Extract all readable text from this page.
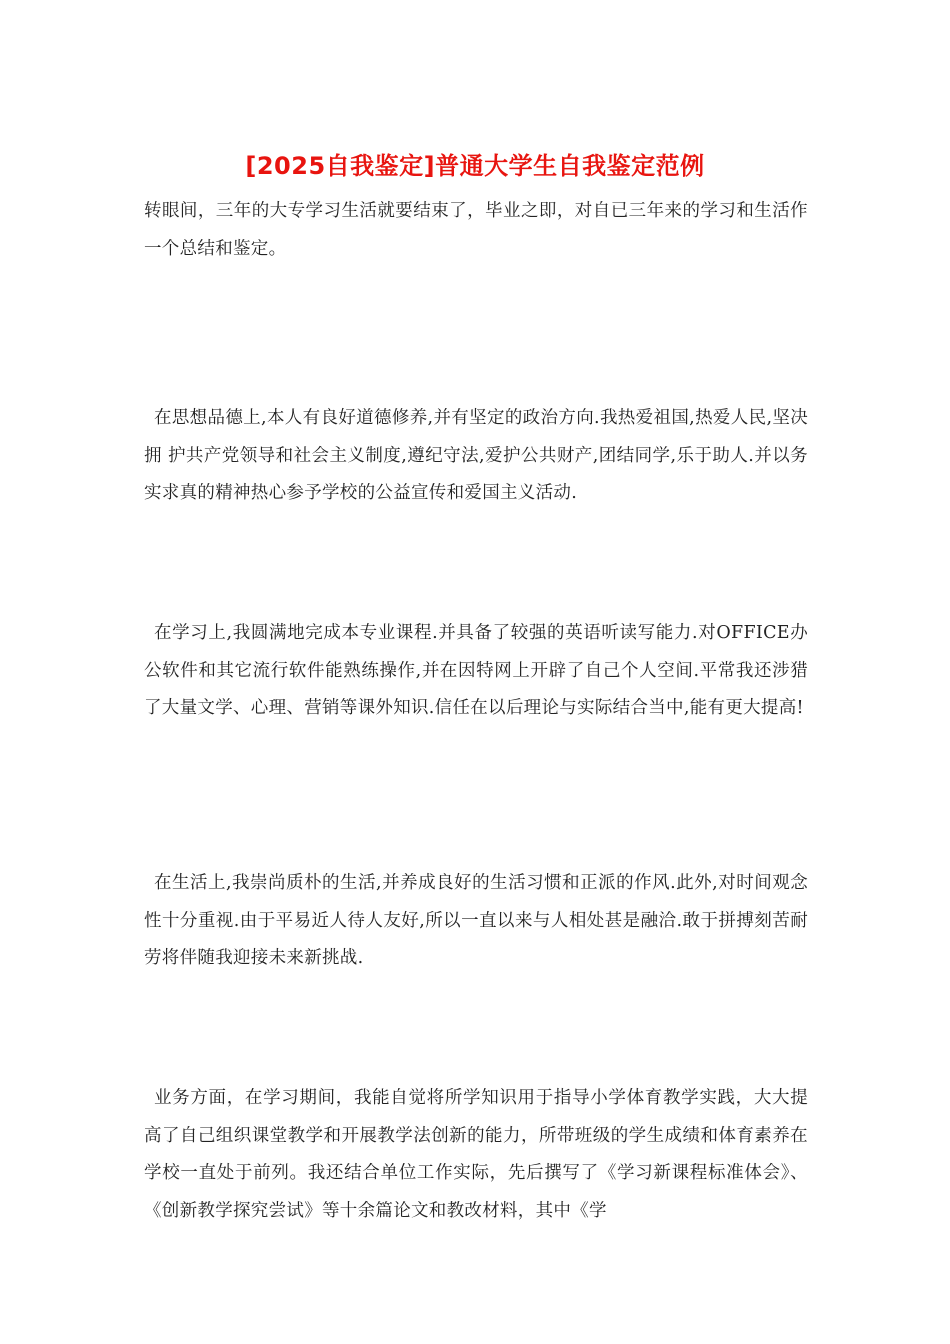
[2025自我鉴定]普通大学生自我鉴定范例

转眼间，三年的大专学习生活就要结束了，毕业之即，对自已三年来的学习和生活作一个总结和鉴定。

在思想品德上,本人有良好道德修养,并有坚定的政治方向.我热爱祖国,热爱人民,坚决拥 护共产党领导和社会主义制度,遵纪守法,爱护公共财产,团结同学,乐于助人.并以务实求真的精神热心参予学校的公益宣传和爱国主义活动.

在学习上,我圆满地完成本专业课程.并具备了较强的英语听读写能力.对OFFICE办公软件和其它流行软件能熟练操作,并在因特网上开辟了自己个人空间.平常我还涉猎了大量文学、心理、营销等课外知识.信任在以后理论与实际结合当中,能有更大提高!

在生活上,我崇尚质朴的生活,并养成良好的生活习惯和正派的作风.此外,对时间观念性十分重视.由于平易近人待人友好,所以一直以来与人相处甚是融洽.敢于拼搏刻苦耐劳将伴随我迎接未来新挑战.

业务方面，在学习期间，我能自觉将所学知识用于指导小学体育教学实践，大大提高了自己组织课堂教学和开展教学法创新的能力，所带班级的学生成绩和体育素养在学校一直处于前列。我还结合单位工作实际，先后撰写了《学习新课程标准体会》、《创新教学探究尝试》等十余篇论文和教改材料，其中《学
